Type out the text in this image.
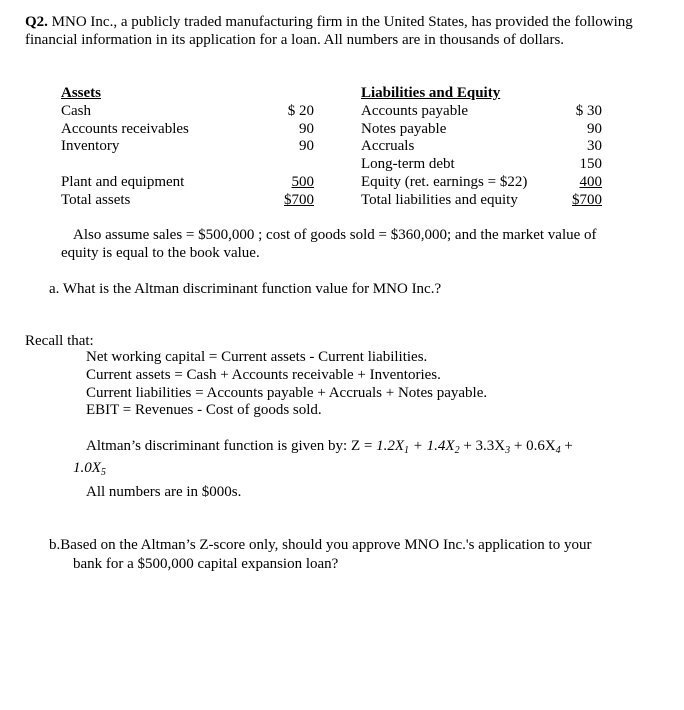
Q2. MNO Inc., a publicly traded manufacturing firm in the United States, has provided the following financial information in its application for a loan. All numbers are in thousands of dollars.
Assets
Cash
Accounts receivables
Inventory
Plant and equipment
Total assets
$ 20
90
90
500
$700
Liabilities and Equity
Accounts payable
Notes payable
Accruals
Long-term debt
Equity (ret. earnings = $22)
Total liabilities and equity
$ 30
90
30
150
400
$700
Also assume sales = $500,000 ; cost of goods sold = $360,000; and the market value of
equity is equal to the book value.
a. What is the Altman discriminant function value for MNO Inc.?
Recall that:
Net working capital = Current assets - Current liabilities.
Current assets = Cash + Accounts receivable + Inventories.
Current liabilities = Accounts payable + Accruals + Notes payable.
EBIT = Revenues - Cost of goods sold.
Altman’s discriminant function is given by: $Z = 1.2X_1 + 1.4X_2 + 3.3X_3 + 0.6X_4$ +
$1.0X_5$
All numbers are in $000s.
b.Based on the Altman’s Z-score only, should you approve MNO Inc.'s application to your
bank for a $500,000 capital expansion loan?
